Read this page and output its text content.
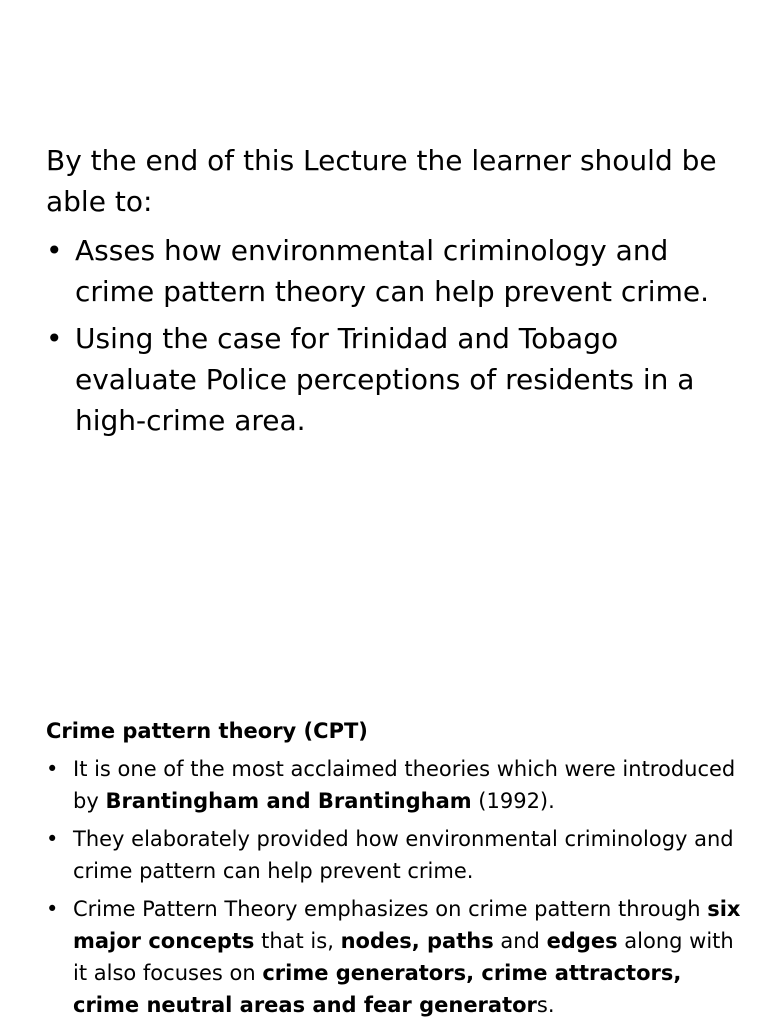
By the end of this Lecture the learner should be able to:

• Asses how environmental criminology and crime pattern theory can help prevent crime.
• Using the case for Trinidad and Tobago evaluate Police perceptions of residents in a high-crime area.

Crime pattern theory (CPT)

• It is one of the most acclaimed theories which were introduced by Brantingham and Brantingham (1992).
• They elaborately provided how environmental criminology and crime pattern can help prevent crime.
• Crime Pattern Theory emphasizes on crime pattern through six major concepts that is, nodes, paths and edges along with it also focuses on crime generators, crime attractors, crime neutral areas and fear generators.
